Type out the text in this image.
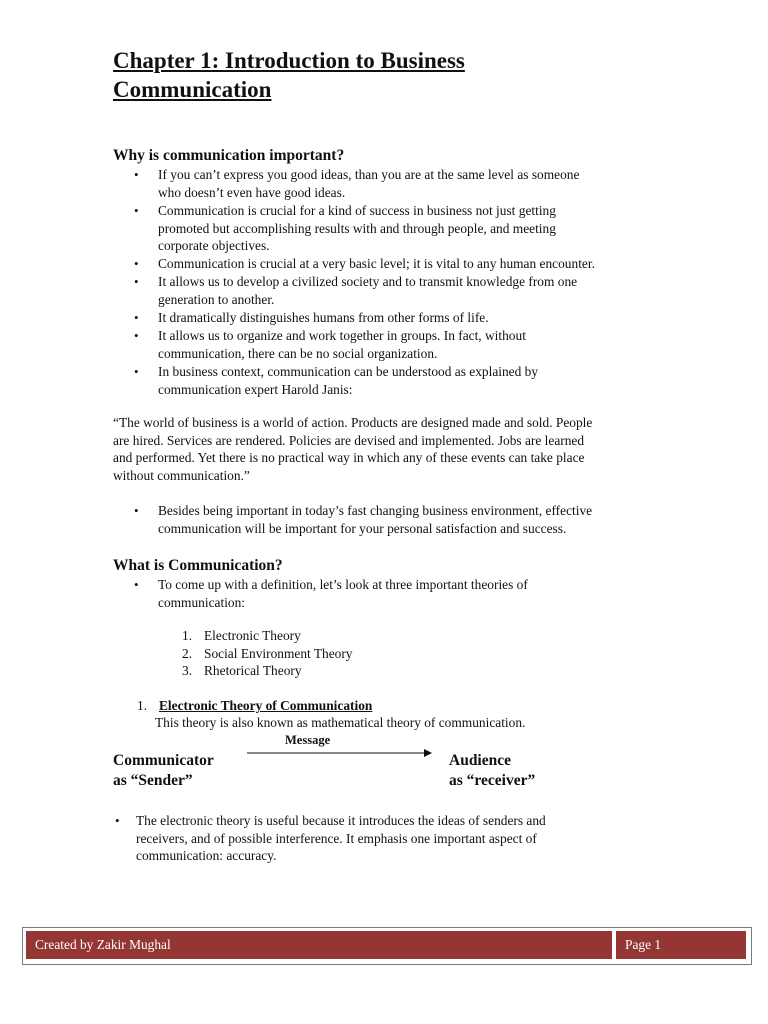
Chapter 1: Introduction to Business
Communication
Why is communication important?
• If you can’t express you good ideas, than you are at the same level as someone
who doesn’t even have good ideas.
• Communication is crucial for a kind of success in business not just getting
promoted but accomplishing results with and through people, and meeting
corporate objectives.
• Communication is crucial at a very basic level; it is vital to any human encounter.
• It allows us to develop a civilized society and to transmit knowledge from one
generation to another.
• It dramatically distinguishes humans from other forms of life.
• It allows us to organize and work together in groups. In fact, without
communication, there can be no social organization.
• In business context, communication can be understood as explained by
communication expert Harold Janis:
“The world of business is a world of action. Products are designed made and sold. People
are hired. Services are rendered. Policies are devised and implemented. Jobs are learned
and performed. Yet there is no practical way in which any of these events can take place
without communication.”
• Besides being important in today’s fast changing business environment, effective
communication will be important for your personal satisfaction and success.
What is Communication?
• To come up with a definition, let’s look at three important theories of
communication:
1. Electronic Theory
2. Social Environment Theory
3. Rhetorical Theory
1. Electronic Theory of Communication
This theory is also known as mathematical theory of communication.
Message
Communicator
as “Sender”
Audience
as “receiver”
• The electronic theory is useful because it introduces the ideas of senders and
receivers, and of possible interference. It emphasis one important aspect of
communication: accuracy.
Created by Zakir Mughal	Page 1
